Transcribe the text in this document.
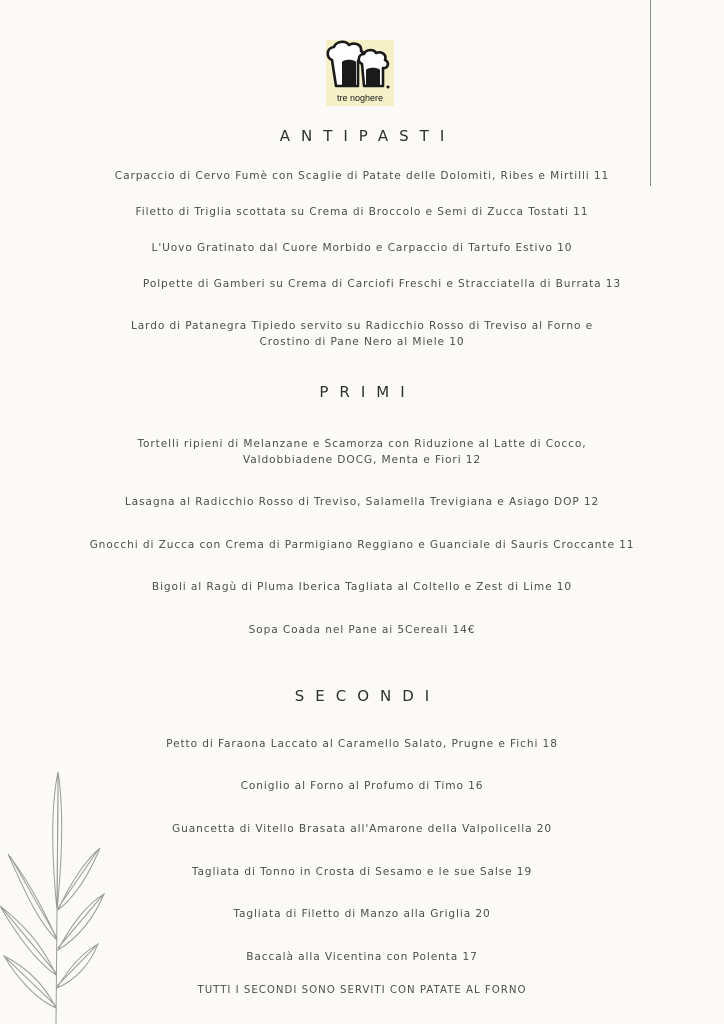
tre noghere
ANTIPASTI
Carpaccio di Cervo Fumè con Scaglie di Patate delle Dolomiti, Ribes e Mirtilli 11
Filetto di Triglia scottata su Crema di Broccolo e Semi di Zucca Tostati 11
L'Uovo Gratinato dal Cuore Morbido e Carpaccio di Tartufo Estivo 10
Polpette di Gamberi su Crema di Carciofi Freschi e Stracciatella di Burrata 13
Lardo di Patanegra Tipiedo servito su Radicchio Rosso di Treviso al Forno e
Crostino di Pane Nero al Miele 10
PRIMI
Tortelli ripieni di Melanzane e Scamorza con Riduzione al Latte di Cocco,
Valdobbiadene DOCG, Menta e Fiori 12
Lasagna al Radicchio Rosso di Treviso, Salamella Trevigiana e Asiago DOP 12
Gnocchi di Zucca con Crema di Parmigiano Reggiano e Guanciale di Sauris Croccante 11
Bigoli al Ragù di Pluma Iberica Tagliata al Coltello e Zest di Lime 10
Sopa Coada nel Pane ai 5Cereali 14€
SECONDI
Petto di Faraona Laccato al Caramello Salato, Prugne e Fichi 18
Coniglio al Forno al Profumo di Timo 16
Guancetta di Vitello Brasata all'Amarone della Valpolicella 20
Tagliata di Tonno in Crosta di Sesamo e le sue Salse 19
Tagliata di Filetto di Manzo alla Griglia 20
Baccalà alla Vicentina con Polenta 17
TUTTI I SECONDI SONO SERVITI CON PATATE AL FORNO
